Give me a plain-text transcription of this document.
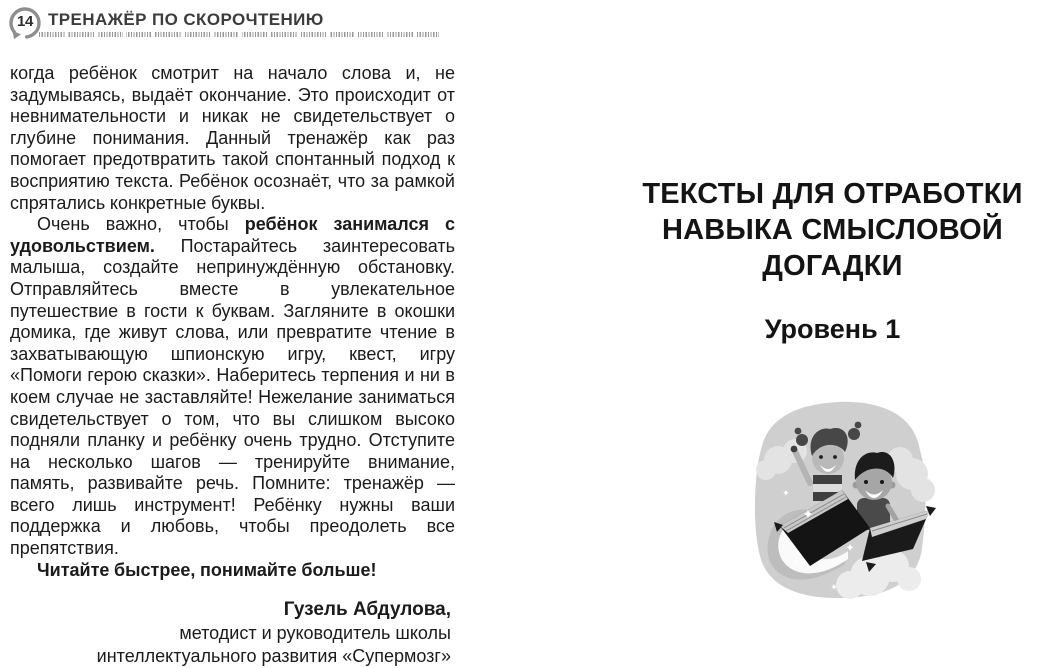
14 ТРЕНАЖЁР ПО СКОРОЧТЕНИЮ

когда ребёнок смотрит на начало слова и, не задумываясь, выдаёт окончание. Это происходит от невнимательности и никак не свидетельствует о глубине понимания. Данный тренажёр как раз помогает предотвратить такой спонтанный подход к восприятию текста. Ребёнок осознаёт, что за рамкой спрятались конкретные буквы.

Очень важно, чтобы ребёнок занимался с удовольствием. Постарайтесь заинтересовать малыша, создайте непринуждённую обстановку. Отправляйтесь вместе в увлекательное путешествие в гости к буквам. Загляните в окошки домика, где живут слова, или превратите чтение в захватывающую шпионскую игру, квест, игру «Помоги герою сказки». Наберитесь терпения и ни в коем случае не заставляйте! Нежелание заниматься свидетельствует о том, что вы слишком высоко подняли планку и ребёнку очень трудно. Отступите на несколько шагов — тренируйте внимание, память, развивайте речь. Помните: тренажёр — всего лишь инструмент! Ребёнку нужны ваши поддержка и любовь, чтобы преодолеть все препятствия.

Читайте быстрее, понимайте больше!

Гузель Абдулова,
методист и руководитель школы
интеллектуального развития «Супермозг»
ТЕКСТЫ ДЛЯ ОТРАБОТКИ
НАВЫКА СМЫСЛОВОЙ
ДОГАДКИ
Уровень 1
